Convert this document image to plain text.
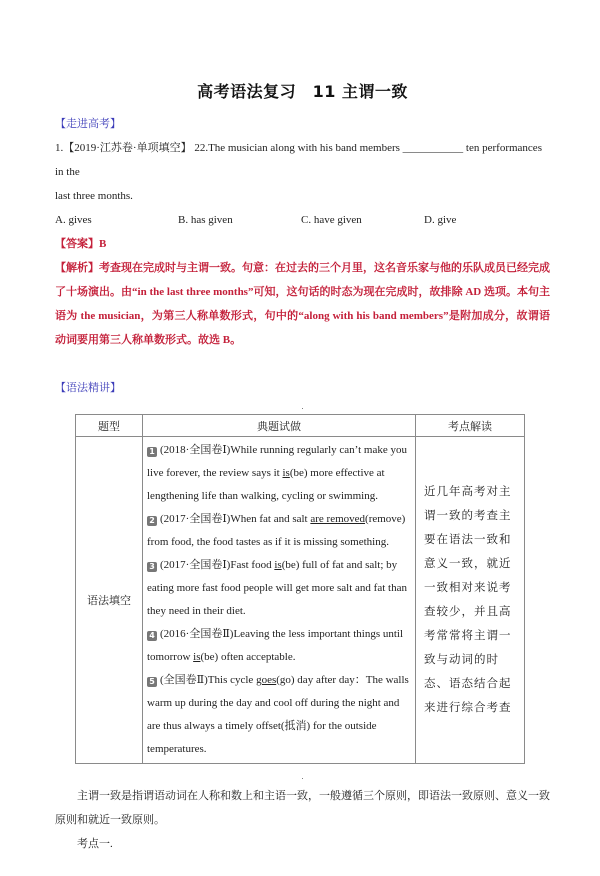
高考语法复习　11 主谓一致
【走进高考】
1.【2019·江苏卷·单项填空】 22.The musician along with his band members ___________ ten performances in the
last three months.
A. gives	B. has given	C. have given	D. give
【答案】B
【解析】考查现在完成时与主谓一致。句意：在过去的三个月里，这名音乐家与他的乐队成员已经完成了十场演出。由“in the last three months”可知，这句话的时态为现在完成时，故排除 AD 选项。本句主语为 the musician，为第三人称单数形式，句中的“along with his band members”是附加成分，故谓语动词要用第三人称单数形式。故选 B。
【语法精讲】
.
题型	典题试做	考点解读
语法填空	1 (2018·全国卷Ⅰ)While running regularly can’t make you live forever, the review says it is(be) more effective at lengthening life than walking, cycling or swimming.
2 (2017·全国卷Ⅰ)When fat and salt are removed(remove) from food, the food tastes as if it is missing something.
3 (2017·全国卷Ⅰ)Fast food is(be) full of fat and salt; by eating more fast food people will get more salt and fat than they need in their diet.
4 (2016·全国卷Ⅱ)Leaving the less important things until tomorrow is(be) often acceptable.
5 (全国卷Ⅱ)This cycle goes(go) day after day：The walls warm up during the day and cool off during the night and are thus always a timely offset(抵消) for the outside temperatures.	近几年高考对主谓一致的考查主要在语法一致和意义一致，就近一致相对来说考查较少，并且高考常常将主谓一致与动词的时态、语态结合起来进行综合考查
.
主谓一致是指谓语动词在人称和数上和主语一致，一般遵循三个原则，即语法一致原则、意义一致原则和就近一致原则。
考点一.
